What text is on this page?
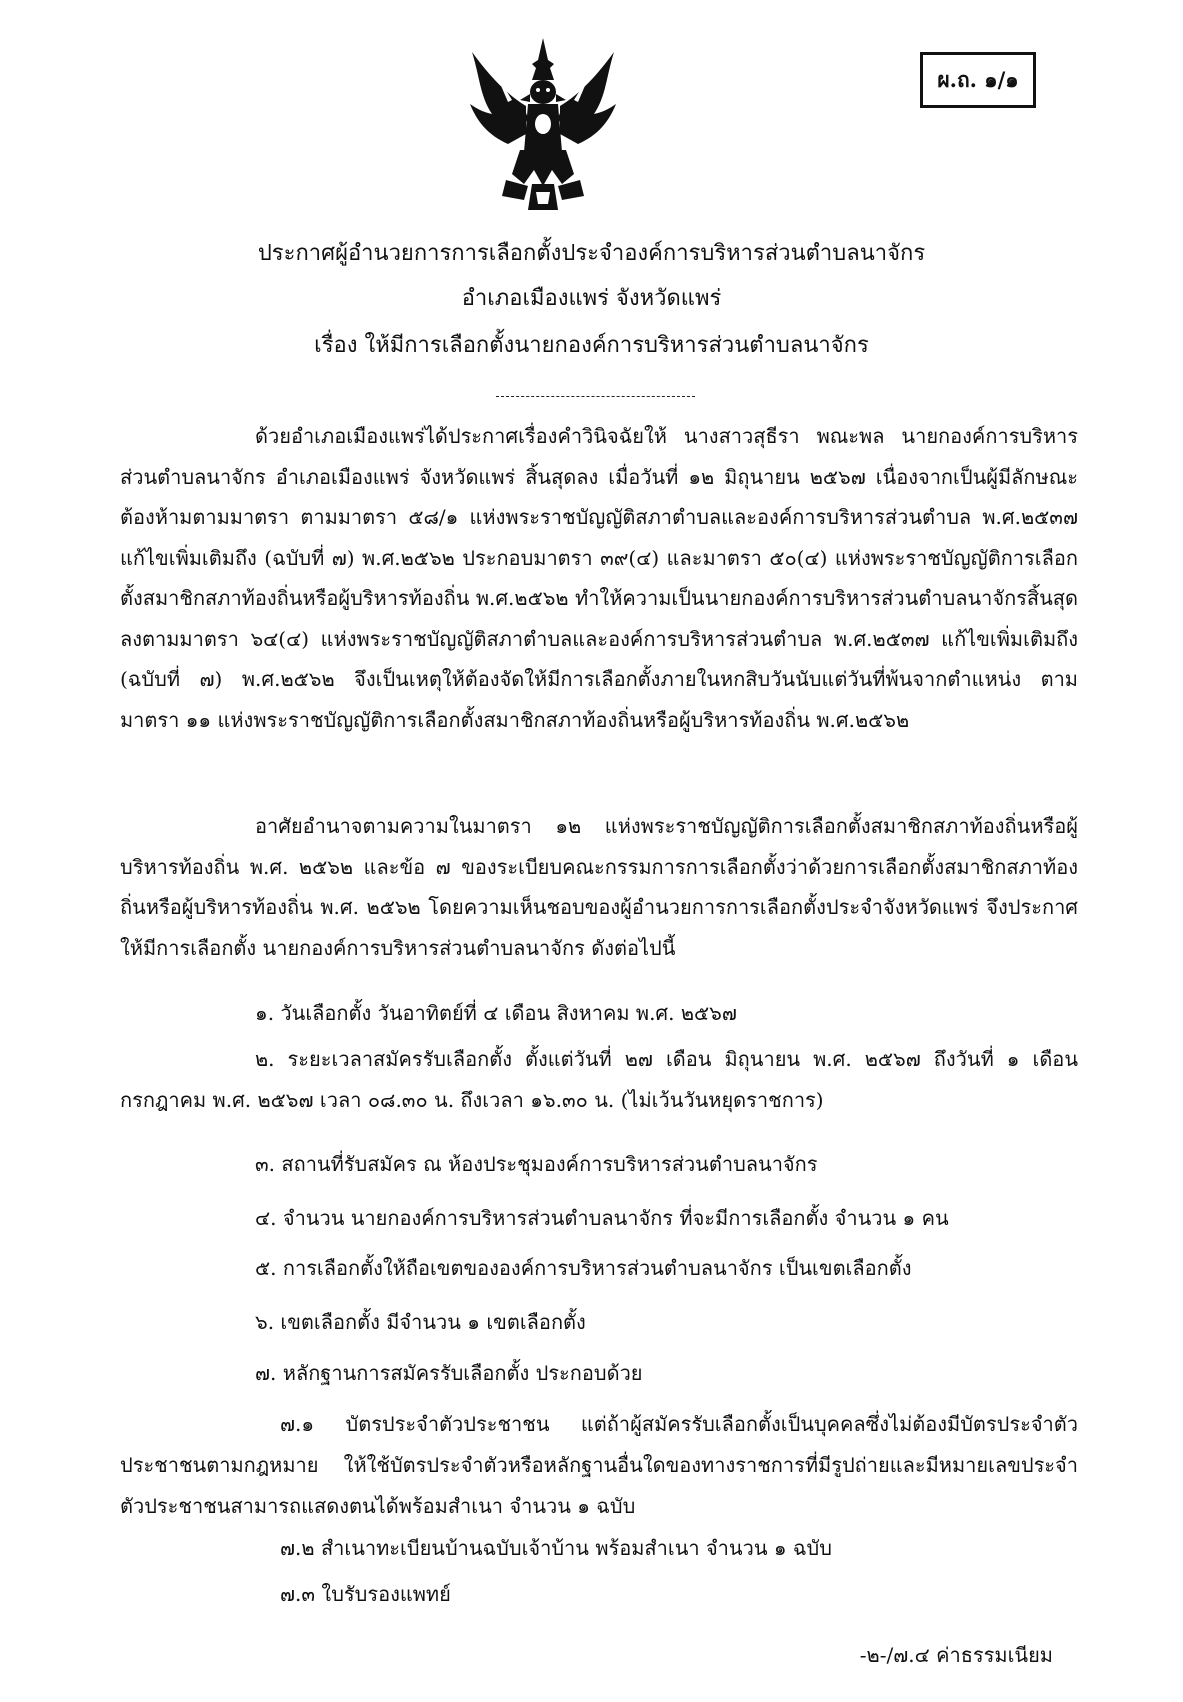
ผ.ถ. ๑/๑
ประกาศผู้อำนวยการการเลือกตั้งประจำองค์การบริหารส่วนตำบลนาจักร
อำเภอเมืองแพร่ จังหวัดแพร่
เรื่อง ให้มีการเลือกตั้งนายกองค์การบริหารส่วนตำบลนาจักร

ด้วยอำเภอเมืองแพร่ได้ประกาศเรื่องคำวินิจฉัยให้ นางสาวสุธีรา พณะพล นายกองค์การบริหารส่วนตำบลนาจักร อำเภอเมืองแพร่ จังหวัดแพร่ สิ้นสุดลง เมื่อวันที่ ๑๒ มิถุนายน ๒๕๖๗ เนื่องจากเป็นผู้มีลักษณะต้องห้ามตามมาตรา ตามมาตรา ๕๘/๑ แห่งพระราชบัญญัติสภาตำบลและองค์การบริหารส่วนตำบล พ.ศ.๒๕๓๗ แก้ไขเพิ่มเติมถึง (ฉบับที่ ๗) พ.ศ.๒๕๖๒ ประกอบมาตรา ๓๙(๔) และมาตรา ๕๐(๔) แห่งพระราชบัญญัติการเลือกตั้งสมาชิกสภาท้องถิ่นหรือผู้บริหารท้องถิ่น พ.ศ.๒๕๖๒ ทำให้ความเป็นนายกองค์การบริหารส่วนตำบลนาจักรสิ้นสุดลงตามมาตรา ๖๔(๔) แห่งพระราชบัญญัติสภาตำบลและองค์การบริหารส่วนตำบล พ.ศ.๒๕๓๗ แก้ไขเพิ่มเติมถึง (ฉบับที่ ๗) พ.ศ.๒๕๖๒ จึงเป็นเหตุให้ต้องจัดให้มีการเลือกตั้งภายในหกสิบวันนับแต่วันที่พ้นจากตำแหน่ง ตามมาตรา ๑๑ แห่งพระราชบัญญัติการเลือกตั้งสมาชิกสภาท้องถิ่นหรือผู้บริหารท้องถิ่น พ.ศ.๒๕๖๒

อาศัยอำนาจตามความในมาตรา ๑๒ แห่งพระราชบัญญัติการเลือกตั้งสมาชิกสภาท้องถิ่นหรือผู้บริหารท้องถิ่น พ.ศ. ๒๕๖๒ และข้อ ๗ ของระเบียบคณะกรรมการการเลือกตั้งว่าด้วยการเลือกตั้งสมาชิกสภาท้องถิ่นหรือผู้บริหารท้องถิ่น พ.ศ. ๒๕๖๒ โดยความเห็นชอบของผู้อำนวยการการเลือกตั้งประจำจังหวัดแพร่ จึงประกาศให้มีการเลือกตั้ง นายกองค์การบริหารส่วนตำบลนาจักร ดังต่อไปนี้

๑. วันเลือกตั้ง วันอาทิตย์ที่ ๔ เดือน สิงหาคม พ.ศ. ๒๕๖๗

๒. ระยะเวลาสมัครรับเลือกตั้ง ตั้งแต่วันที่ ๒๗ เดือน มิถุนายน พ.ศ. ๒๕๖๗ ถึงวันที่ ๑ เดือน กรกฎาคม พ.ศ. ๒๕๖๗ เวลา ๐๘.๓๐ น. ถึงเวลา ๑๖.๓๐ น. (ไม่เว้นวันหยุดราชการ)

๓. สถานที่รับสมัคร ณ ห้องประชุมองค์การบริหารส่วนตำบลนาจักร

๔. จำนวน นายกองค์การบริหารส่วนตำบลนาจักร ที่จะมีการเลือกตั้ง จำนวน ๑ คน

๕. การเลือกตั้งให้ถือเขตขององค์การบริหารส่วนตำบลนาจักร เป็นเขตเลือกตั้ง

๖. เขตเลือกตั้ง มีจำนวน ๑ เขตเลือกตั้ง

๗. หลักฐานการสมัครรับเลือกตั้ง ประกอบด้วย

๗.๑ บัตรประจำตัวประชาชน แต่ถ้าผู้สมัครรับเลือกตั้งเป็นบุคคลซึ่งไม่ต้องมีบัตรประจำตัวประชาชนตามกฎหมาย ให้ใช้บัตรประจำตัวหรือหลักฐานอื่นใดของทางราชการที่มีรูปถ่ายและมีหมายเลขประจำตัวประชาชนสามารถแสดงตนได้พร้อมสำเนา จำนวน ๑ ฉบับ

๗.๒ สำเนาทะเบียนบ้านฉบับเจ้าบ้าน พร้อมสำเนา จำนวน ๑ ฉบับ

๗.๓ ใบรับรองแพทย์

-๒-/๗.๔ ค่าธรรมเนียม
